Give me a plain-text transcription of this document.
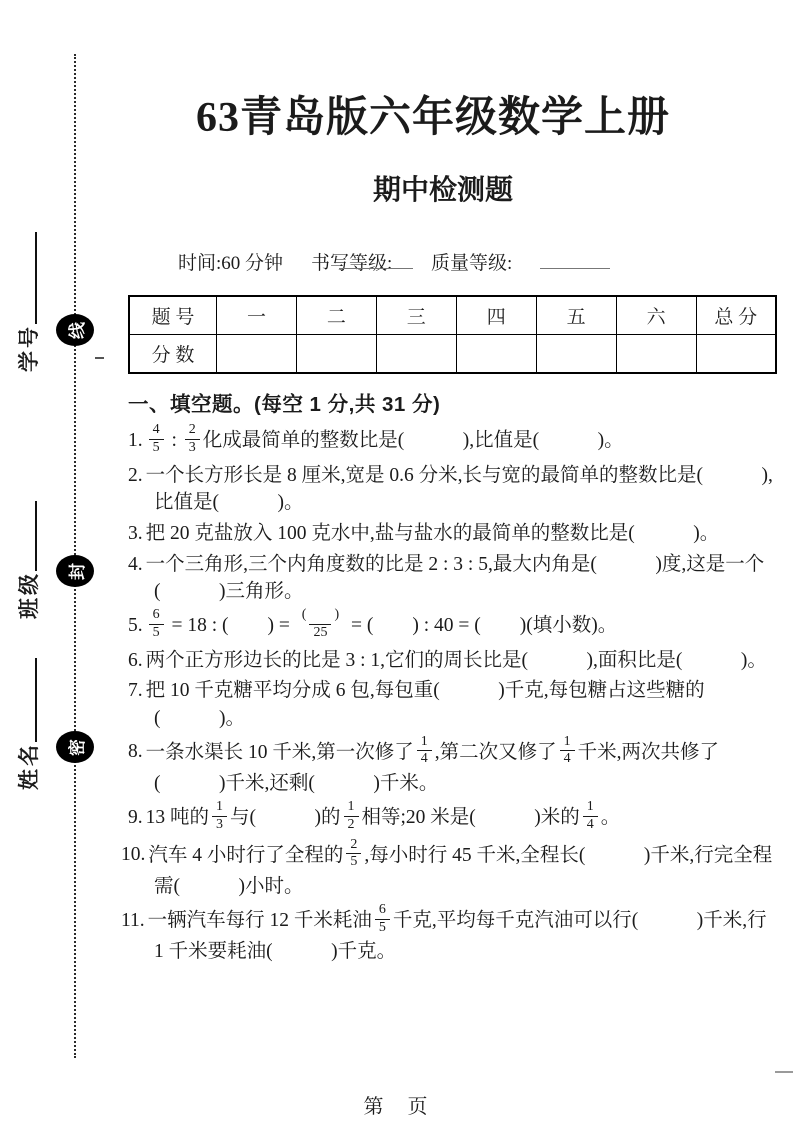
学号
班级
姓名
线
封
密
63青岛版六年级数学上册
期中检测题
时间:60 分钟 书写等级: 质量等级:
题 号	一	二	三	四	五	六	总 分
分 数							
一、填空题。(每空 1 分,共 31 分)
1. $\frac{4}{5}$ : $\frac{2}{3}$ 化成最简单的整数比是(　　　),比值是(　　　)。
2. 一个长方形长是 8 厘米,宽是 0.6 分米,长与宽的最简单的整数比是(　　　),比值是(　　　)。
3. 把 20 克盐放入 100 克水中,盐与盐水的最简单的整数比是(　　　)。
4. 一个三角形,三个内角度数的比是 2 : 3 : 5,最大内角是(　　　)度,这是一个(　　　)三角形。
5. $\frac{6}{5} = 18$ : (　　) = $\frac{( )}{25}$ = (　　) : 40 = (　　)(填小数)。
6. 两个正方形边长的比是 3 : 1,它们的周长比是(　　　),面积比是(　　　)。
7. 把 10 千克糖平均分成 6 包,每包重(　　　)千克,每包糖占这些糖的(　　　)。
8. 一条水渠长 10 千米,第一次修了 $\frac{1}{4}$ ,第二次又修了 $\frac{1}{4}$ 千米,两次共修了(　　　)千米,还剩(　　　)千米。
9. 13 吨的 $\frac{1}{3}$ 与(　　　)的 $\frac{1}{2}$ 相等;20 米是(　　　)米的 $\frac{1}{4}$ 。
10. 汽车 4 小时行了全程的 $\frac{2}{5}$ ,每小时行 45 千米,全程长(　　　)千米,行完全程需(　　　)小时。
11. 一辆汽车每行 12 千米耗油 $\frac{6}{5}$ 千克,平均每千克汽油可以行(　　　)千米,行 1 千米要耗油(　　　)千克。
第　页
